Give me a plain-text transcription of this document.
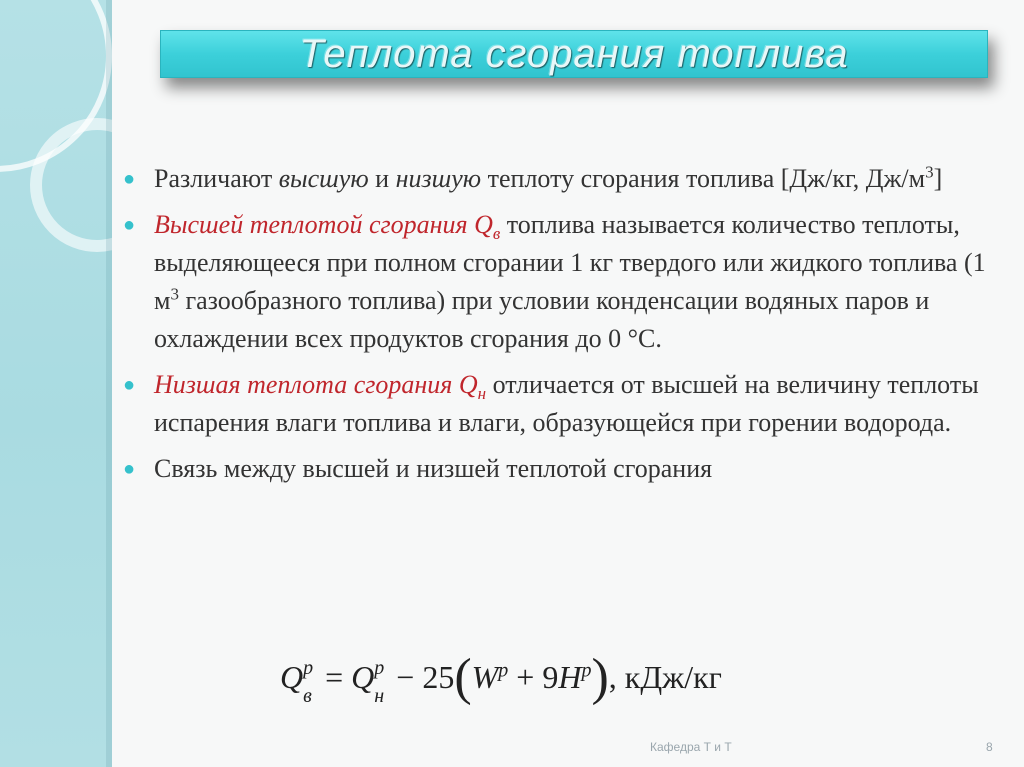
Теплота сгорания топлива
● Различают высшую и низшую теплоту сгорания топлива [Дж/кг, $Дж/м^3$]
● Высшей теплотой сгорания $Q_в$ топлива называется количество теплоты, выделяющееся при полном сгорании 1 кг твердого или жидкого топлива (1 $м^3$ газообразного топлива) при условии конденсации водяных паров и охлаждении всех продуктов сгорания до 0 °С.
● Низшая теплота сгорания $Q_н$ отличается от высшей на величину теплоты испарения влаги топлива и влаги, образующейся при горении водорода.
● Связь между высшей и низшей теплотой сгорания
Q p
в
= Q p
н
− $25(W^p + 9H^p)$, кДж/кг
Кафедра Т и Т	8
